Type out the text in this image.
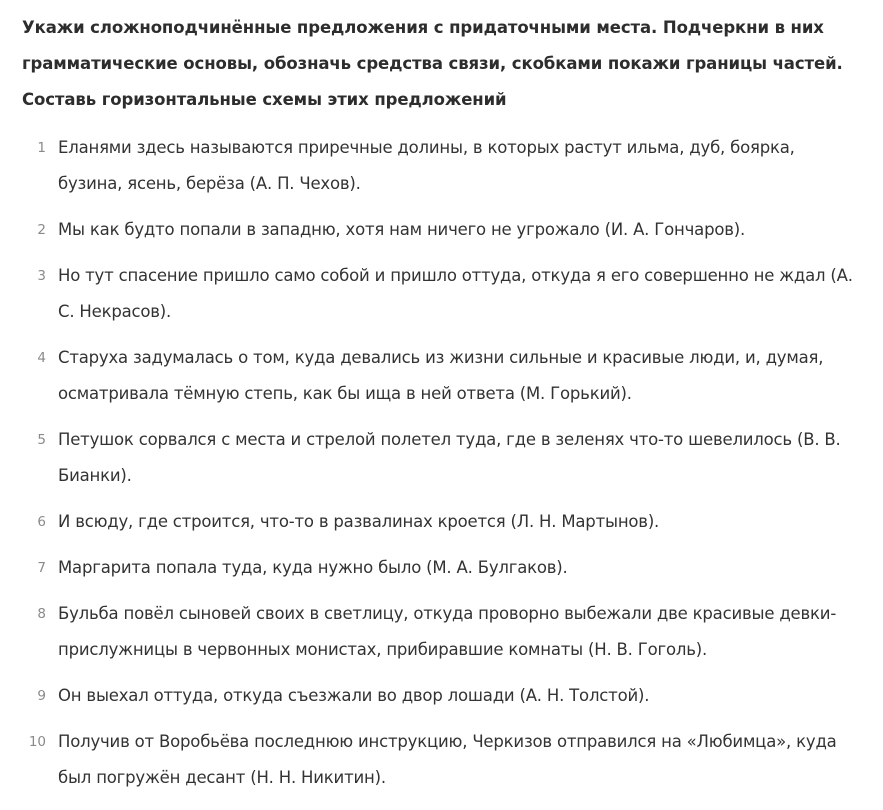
Укажи сложноподчинённые предложения с придаточными места. Подчеркни в них грамматические основы, обозначь средства связи, скобками покажи границы частей. Составь горизонтальные схемы этих предложений

1 Еланями здесь называются приречные долины, в которых растут ильма, дуб, боярка, бузина, ясень, берёза (А. П. Чехов).
2 Мы как будто попали в западню, хотя нам ничего не угрожало (И. А. Гончаров).
3 Но тут спасение пришло само собой и пришло оттуда, откуда я его совершенно не ждал (А. С. Некрасов).
4 Старуха задумалась о том, куда девались из жизни сильные и красивые люди, и, думая, осматривала тёмную степь, как бы ища в ней ответа (М. Горький).
5 Петушок сорвался с места и стрелой полетел туда, где в зеленях что-то шевелилось (В. В. Бианки).
6 И всюду, где строится, что-то в развалинах кроется (Л. Н. Мартынов).
7 Маргарита попала туда, куда нужно было (М. А. Булгаков).
8 Бульба повёл сыновей своих в светлицу, откуда проворно выбежали две красивые девки-прислужницы в червонных монистах, прибиравшие комнаты (Н. В. Гоголь).
9 Он выехал оттуда, откуда съезжали во двор лошади (А. Н. Толстой).
10 Получив от Воробьёва последнюю инструкцию, Черкизов отправился на «Любимца», куда был погружён десант (Н. Н. Никитин).
